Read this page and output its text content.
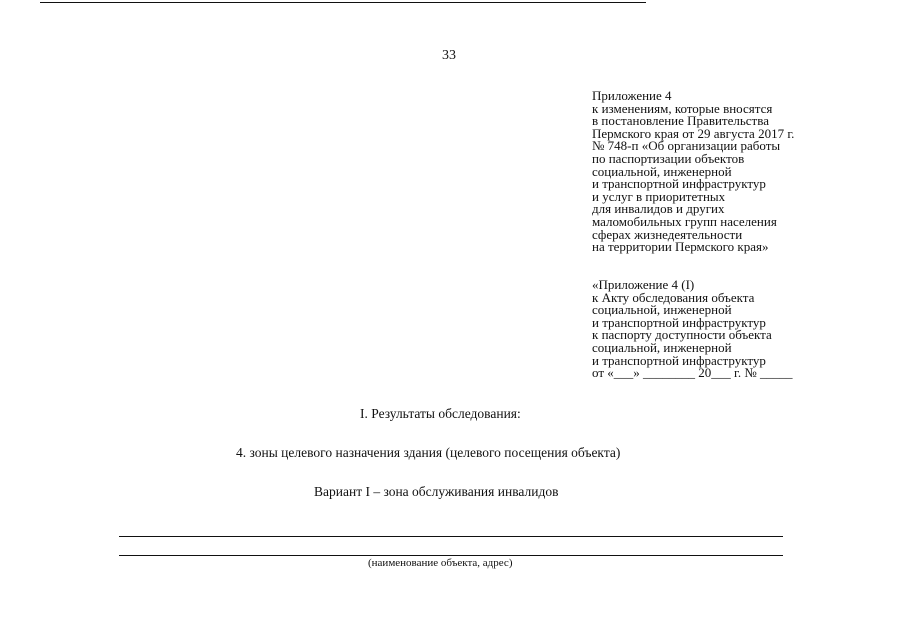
33
Приложение 4
к изменениям, которые вносятся
в постановление Правительства
Пермского края от 29 августа 2017 г.
№ 748-п «Об организации работы
по паспортизации объектов
социальной, инженерной
и транспортной инфраструктур
и услуг в приоритетных
для инвалидов и других
маломобильных групп населения
сферах жизнедеятельности
на территории Пермского края»
«Приложение 4 (I)
к Акту обследования объекта
социальной, инженерной
и транспортной инфраструктур
к паспорту доступности объекта
социальной, инженерной
и транспортной инфраструктур
от «___» ________ 20___ г. № _____
I. Результаты обследования:
4. зоны целевого назначения здания (целевого посещения объекта)
Вариант I – зона обслуживания инвалидов
(наименование объекта, адрес)
